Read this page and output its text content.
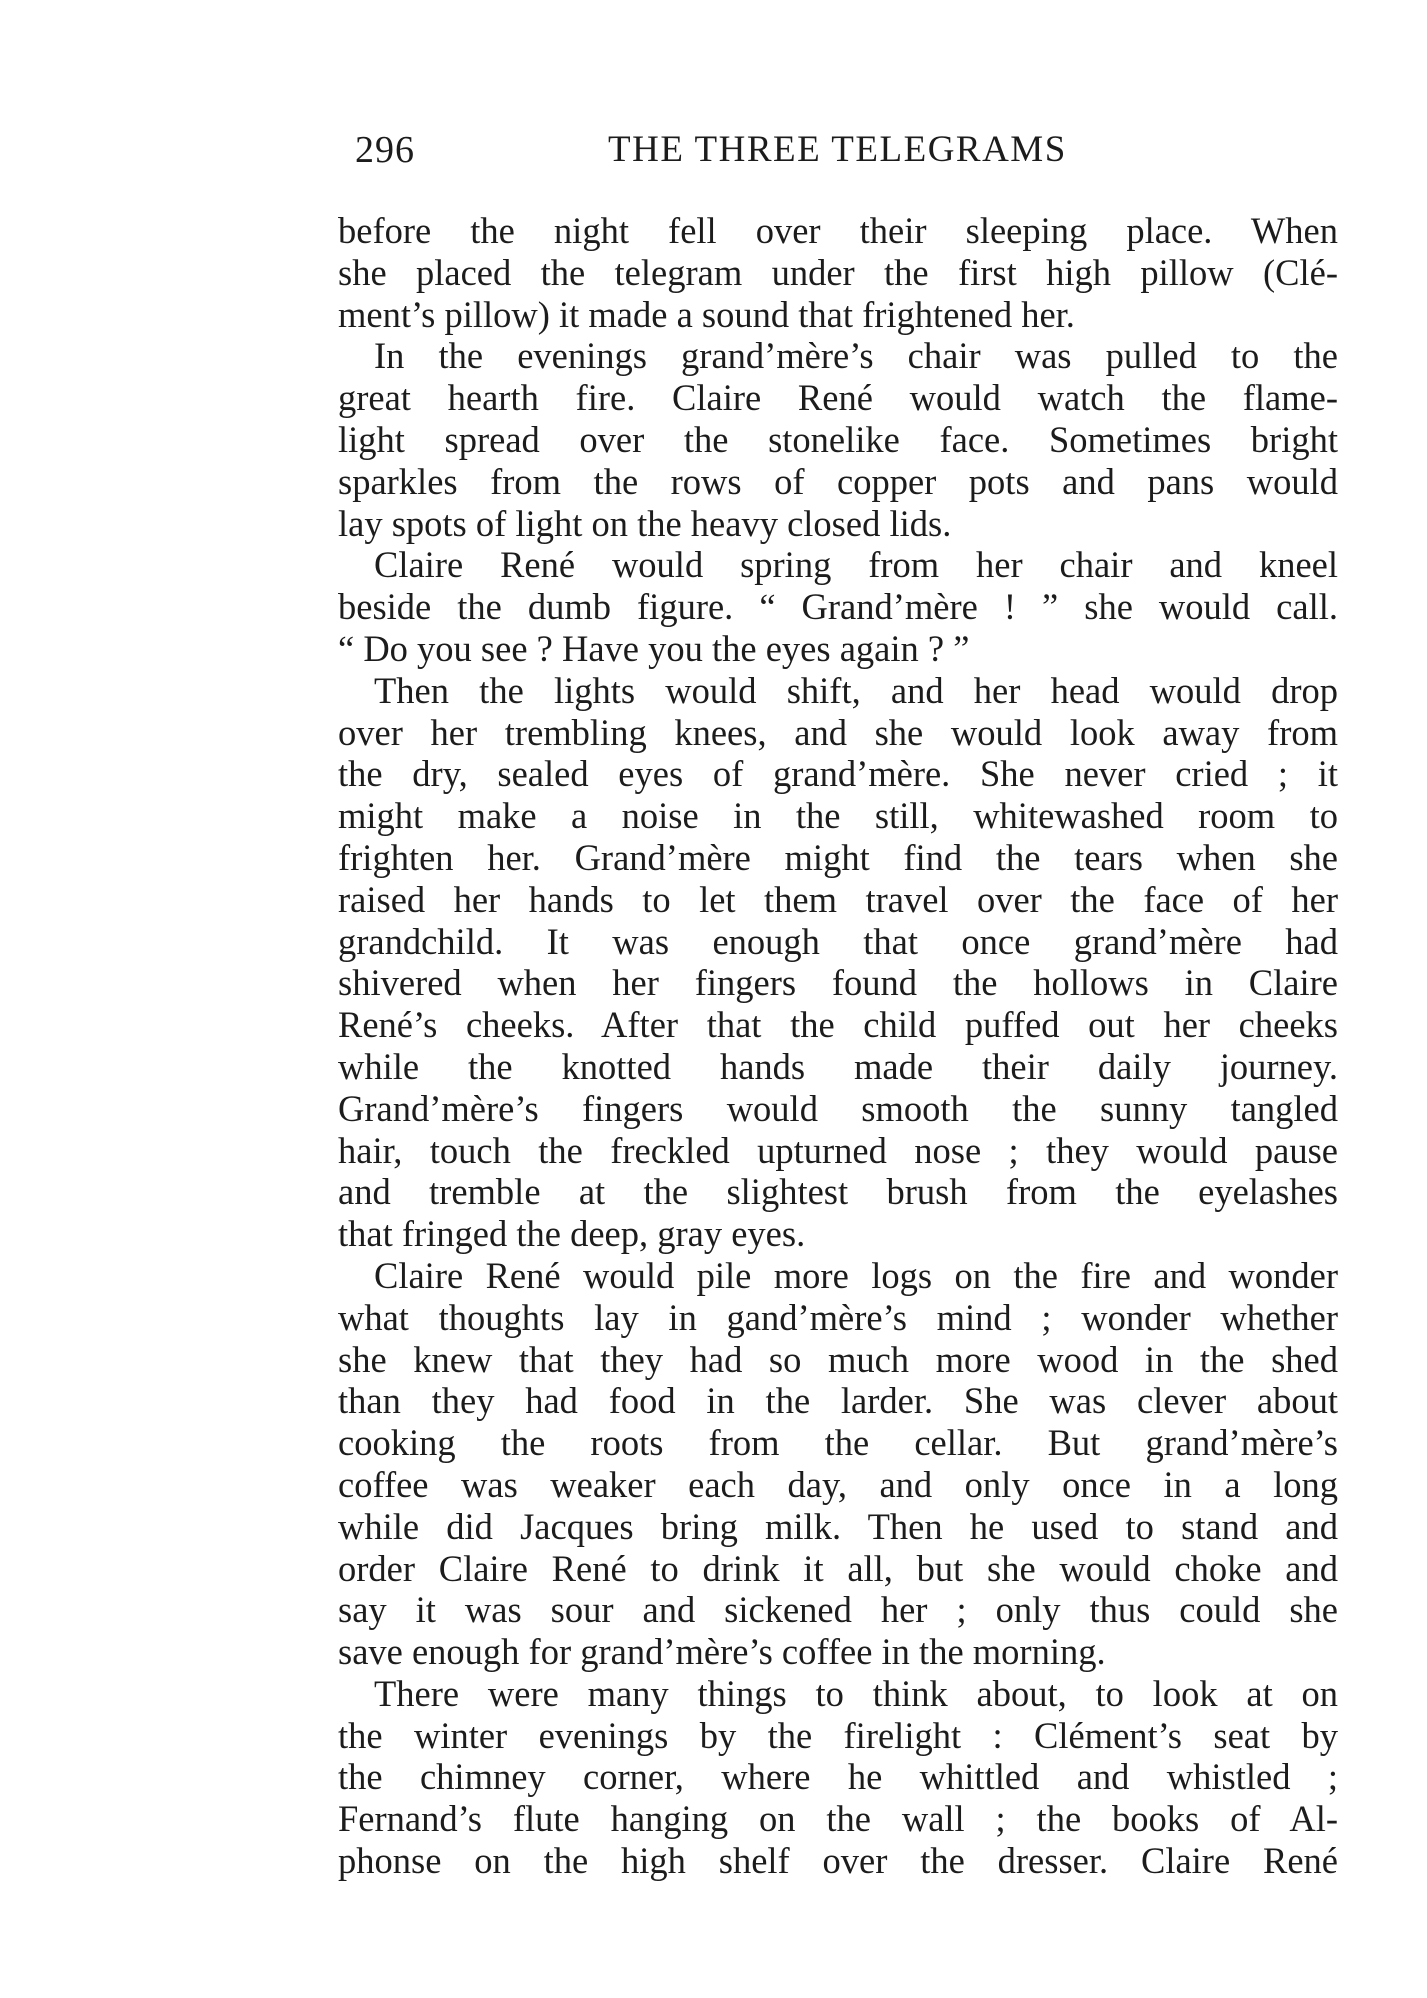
296	THE THREE TELEGRAMS
before the night fell over their sleeping place. When
she placed the telegram under the first high pillow (Clé-
ment’s pillow) it made a sound that frightened her.
In the evenings grand’mère’s chair was pulled to the
great hearth fire. Claire René would watch the flame-
light spread over the stonelike face. Sometimes bright
sparkles from the rows of copper pots and pans would
lay spots of light on the heavy closed lids.
Claire René would spring from her chair and kneel
beside the dumb figure. “ Grand’mère ! ” she would call.
“ Do you see ? Have you the eyes again ? ”
Then the lights would shift, and her head would drop
over her trembling knees, and she would look away from
the dry, sealed eyes of grand’mère. She never cried ; it
might make a noise in the still, whitewashed room to
frighten her. Grand’mère might find the tears when she
raised her hands to let them travel over the face of her
grandchild. It was enough that once grand’mère had
shivered when her fingers found the hollows in Claire
René’s cheeks. After that the child puffed out her cheeks
while the knotted hands made their daily journey.
Grand’mère’s fingers would smooth the sunny tangled
hair, touch the freckled upturned nose ; they would pause
and tremble at the slightest brush from the eyelashes
that fringed the deep, gray eyes.
Claire René would pile more logs on the fire and wonder
what thoughts lay in gand’mère’s mind ; wonder whether
she knew that they had so much more wood in the shed
than they had food in the larder. She was clever about
cooking the roots from the cellar. But grand’mère’s
coffee was weaker each day, and only once in a long
while did Jacques bring milk. Then he used to stand and
order Claire René to drink it all, but she would choke and
say it was sour and sickened her ; only thus could she
save enough for grand’mère’s coffee in the morning.
There were many things to think about, to look at on
the winter evenings by the firelight : Clément’s seat by
the chimney corner, where he whittled and whistled ;
Fernand’s flute hanging on the wall ; the books of Al-
phonse on the high shelf over the dresser. Claire René
